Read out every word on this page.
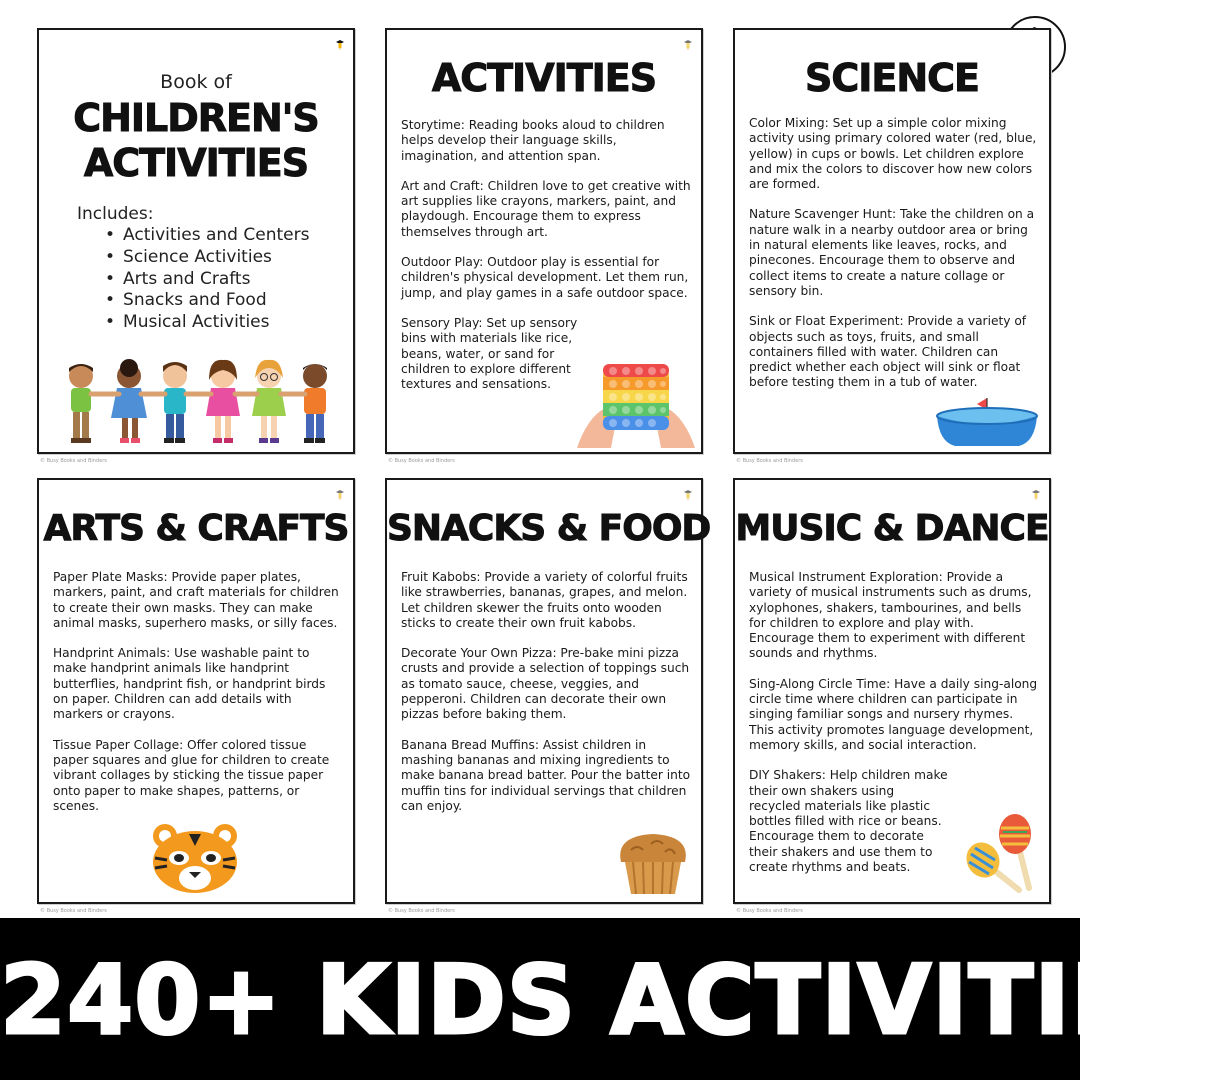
Book of
CHILDREN'S
ACTIVITIES
Includes:
• Activities and Centers
• Science Activities
• Arts and Crafts
• Snacks and Food
• Musical Activities
© Busy Books and Binders
ACTIVITIES

Storytime: Reading books aloud to children helps develop their language skills, imagination, and attention span.

Art and Craft: Children love to get creative with art supplies like crayons, markers, paint, and playdough. Encourage them to express themselves through art.

Outdoor Play: Outdoor play is essential for children's physical development. Let them run, jump, and play games in a safe outdoor space.

Sensory Play: Set up sensory bins with materials like rice, beans, water, or sand for children to explore different textures and sensations.

© Busy Books and Binders
SCIENCE

Color Mixing: Set up a simple color mixing activity using primary colored water (red, blue, yellow) in cups or bowls. Let children explore and mix the colors to discover how new colors are formed.

Nature Scavenger Hunt: Take the children on a nature walk in a nearby outdoor area or bring in natural elements like leaves, rocks, and pinecones. Encourage them to observe and collect items to create a nature collage or sensory bin.

Sink or Float Experiment: Provide a variety of objects such as toys, fruits, and small containers filled with water. Children can predict whether each object will sink or float before testing them in a tub of water.

© Busy Books and Binders
ARTS & CRAFTS

Paper Plate Masks: Provide paper plates, markers, paint, and craft materials for children to create their own masks. They can make animal masks, superhero masks, or silly faces.

Handprint Animals: Use washable paint to make handprint animals like handprint butterflies, handprint fish, or handprint birds on paper. Children can add details with markers or crayons.

Tissue Paper Collage: Offer colored tissue paper squares and glue for children to create vibrant collages by sticking the tissue paper onto paper to make shapes, patterns, or scenes.

© Busy Books and Binders
SNACKS & FOOD

Fruit Kabobs: Provide a variety of colorful fruits like strawberries, bananas, grapes, and melon. Let children skewer the fruits onto wooden sticks to create their own fruit kabobs.

Decorate Your Own Pizza: Pre-bake mini pizza crusts and provide a selection of toppings such as tomato sauce, cheese, veggies, and pepperoni. Children can decorate their own pizzas before baking them.

Banana Bread Muffins: Assist children in mashing bananas and mixing ingredients to make banana bread batter. Pour the batter into muffin tins for individual servings that children can enjoy.

© Busy Books and Binders
MUSIC & DANCE

Musical Instrument Exploration: Provide a variety of musical instruments such as drums, xylophones, shakers, tambourines, and bells for children to explore and play with. Encourage them to experiment with different sounds and rhythms.

Sing-Along Circle Time: Have a daily sing-along circle time where children can participate in singing familiar songs and nursery rhymes. This activity promotes language development, memory skills, and social interaction.

DIY Shakers: Help children make their own shakers using recycled materials like plastic bottles filled with rice or beans. Encourage them to decorate their shakers and use them to create rhythms and beats.

© Busy Books and Binders
240+ KIDS ACTIVITIES
